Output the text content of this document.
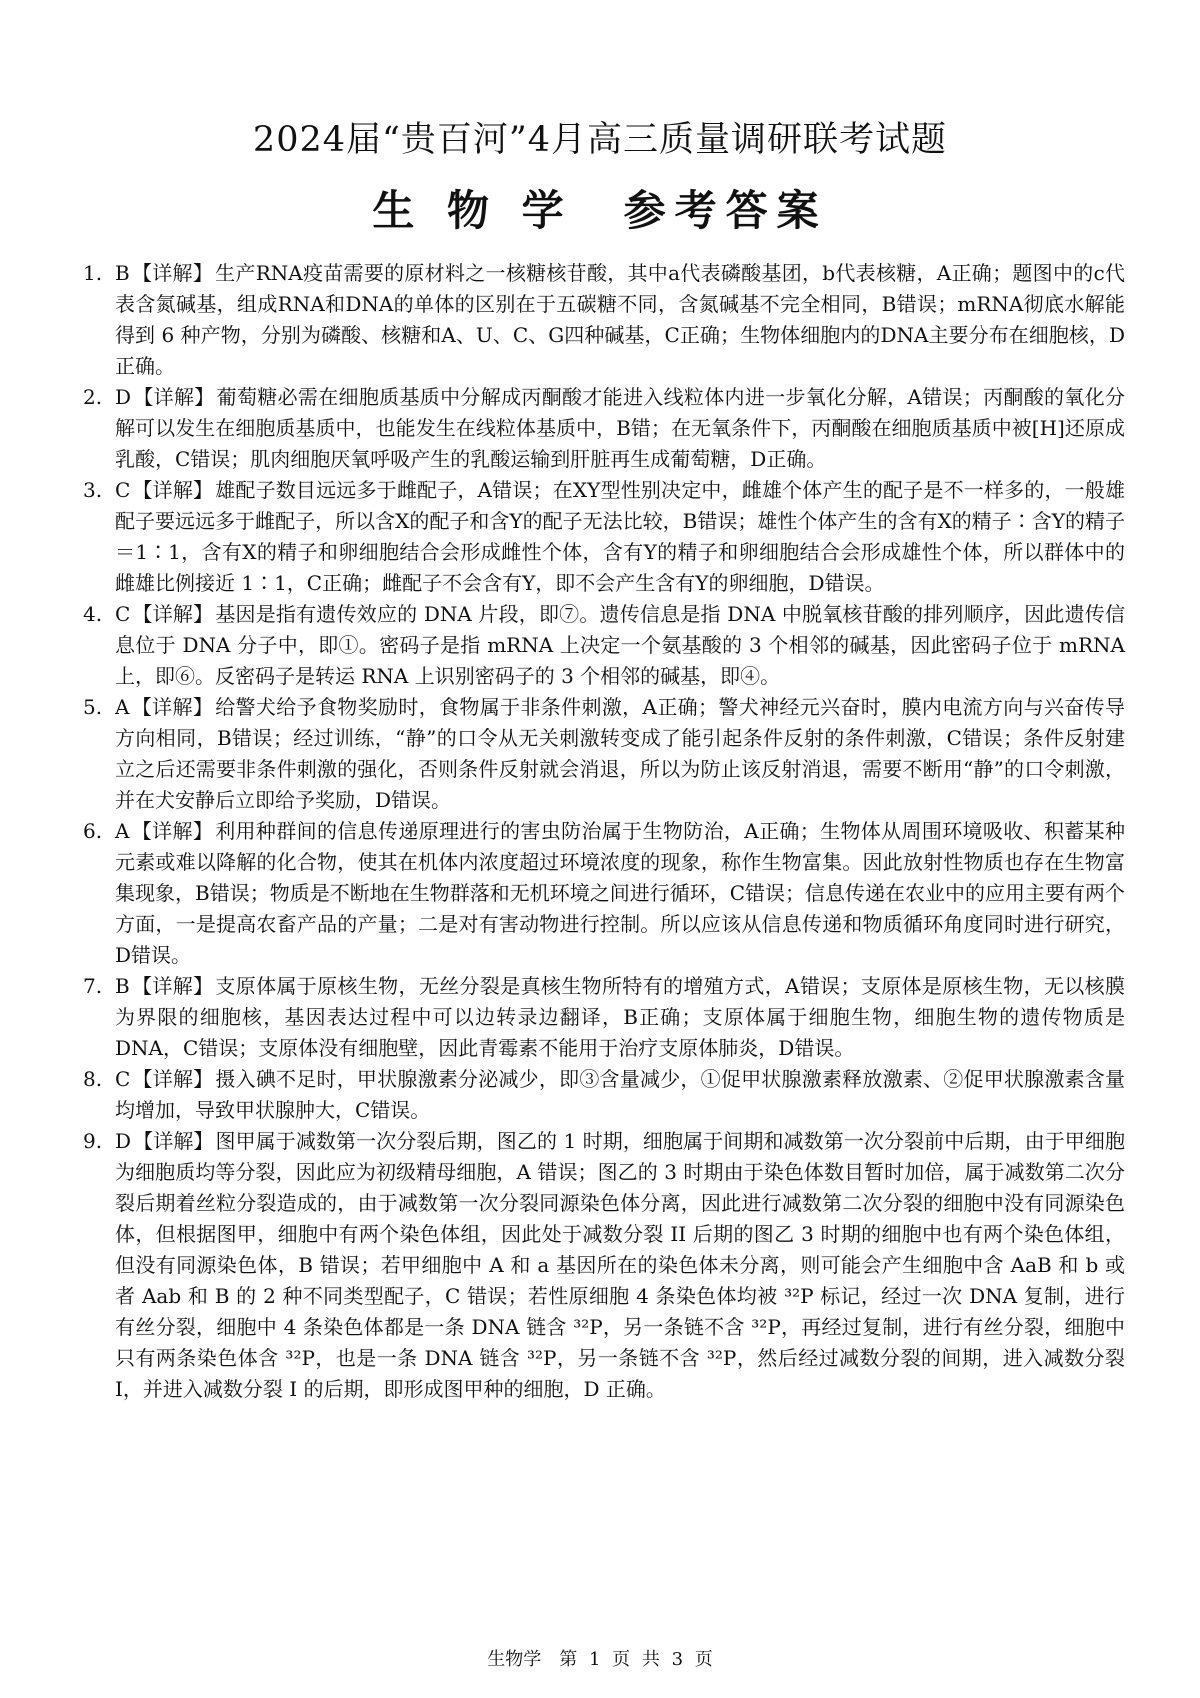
2024届“贵百河”4月高三质量调研联考试题
生 物 学　参考答案
1. B 【详解】 生产RNA疫苗需要的原材料之一核糖核苷酸，其中a代表磷酸基团，b代表核糖，A正确；题图中的c代表含氮碱基，组成RNA和DNA的单体的区别在于五碳糖不同，含氮碱基不完全相同，B错误；mRNA彻底水解能得到 6 种产物，分别为磷酸、核糖和A、U、C、G四种碱基，C正确；生物体细胞内的DNA主要分布在细胞核，D正确。
2. D 【详解】 葡萄糖必需在细胞质基质中分解成丙酮酸才能进入线粒体内进一步氧化分解，A错误；丙酮酸的氧化分解可以发生在细胞质基质中，也能发生在线粒体基质中，B错；在无氧条件下，丙酮酸在细胞质基质中被[H]还原成乳酸，C错误；肌肉细胞厌氧呼吸产生的乳酸运输到肝脏再生成葡萄糖，D正确。
3. C 【详解】 雄配子数目远远多于雌配子，A错误；在XY型性别决定中，雌雄个体产生的配子是不一样多的，一般雄配子要远远多于雌配子，所以含X的配子和含Y的配子无法比较，B错误；雄性个体产生的含有X的精子∶含Y的精子＝1∶1，含有X的精子和卵细胞结合会形成雌性个体，含有Y的精子和卵细胞结合会形成雄性个体，所以群体中的雌雄比例接近 1∶1，C正确；雌配子不会含有Y，即不会产生含有Y的卵细胞，D错误。
4. C 【详解】 基因是指有遗传效应的 DNA 片段，即⑦。遗传信息是指 DNA 中脱氧核苷酸的排列顺序，因此遗传信息位于 DNA 分子中，即①。密码子是指 mRNA 上决定一个氨基酸的 3 个相邻的碱基，因此密码子位于 mRNA 上，即⑥。反密码子是转运 RNA 上识别密码子的 3 个相邻的碱基，即④。
5. A 【详解】 给警犬给予食物奖励时，食物属于非条件刺激，A正确；警犬神经元兴奋时，膜内电流方向与兴奋传导方向相同，B错误；经过训练，“静”的口令从无关刺激转变成了能引起条件反射的条件刺激，C错误；条件反射建立之后还需要非条件刺激的强化，否则条件反射就会消退，所以为防止该反射消退，需要不断用“静”的口令刺激，并在犬安静后立即给予奖励，D错误。
6. A 【详解】 利用种群间的信息传递原理进行的害虫防治属于生物防治，A正确；生物体从周围环境吸收、积蓄某种元素或难以降解的化合物，使其在机体内浓度超过环境浓度的现象，称作生物富集。因此放射性物质也存在生物富集现象，B错误；物质是不断地在生物群落和无机环境之间进行循环，C错误；信息传递在农业中的应用主要有两个方面，一是提高农畜产品的产量；二是对有害动物进行控制。所以应该从信息传递和物质循环角度同时进行研究，D错误。
7. B 【详解】 支原体属于原核生物，无丝分裂是真核生物所特有的增殖方式，A错误；支原体是原核生物，无以核膜为界限的细胞核，基因表达过程中可以边转录边翻译，B正确；支原体属于细胞生物，细胞生物的遗传物质是DNA，C错误；支原体没有细胞壁，因此青霉素不能用于治疗支原体肺炎，D错误。
8. C 【详解】 摄入碘不足时，甲状腺激素分泌减少，即③含量减少，①促甲状腺激素释放激素、②促甲状腺激素含量均增加，导致甲状腺肿大，C错误。
9. D 【详解】 图甲属于减数第一次分裂后期，图乙的 1 时期，细胞属于间期和减数第一次分裂前中后期，由于甲细胞为细胞质均等分裂，因此应为初级精母细胞，A 错误；图乙的 3 时期由于染色体数目暂时加倍，属于减数第二次分裂后期着丝粒分裂造成的，由于减数第一次分裂同源染色体分离，因此进行减数第二次分裂的细胞中没有同源染色体，但根据图甲，细胞中有两个染色体组，因此处于减数分裂 II 后期的图乙 3 时期的细胞中也有两个染色体组，但没有同源染色体，B 错误；若甲细胞中 A 和 a 基因所在的染色体未分离，则可能会产生细胞中含 AaB 和 b 或者 Aab 和 B 的 2 种不同类型配子，C 错误；若性原细胞 4 条染色体均被 ³²P 标记，经过一次 DNA 复制，进行有丝分裂，细胞中 4 条染色体都是一条 DNA 链含 ³²P，另一条链不含 ³²P，再经过复制，进行有丝分裂，细胞中只有两条染色体含 ³²P，也是一条 DNA 链含 ³²P，另一条链不含 ³²P，然后经过减数分裂的间期，进入减数分裂 I，并进入减数分裂 I 的后期，即形成图甲种的细胞，D 正确。
生物学　第 1 页 共 3 页
